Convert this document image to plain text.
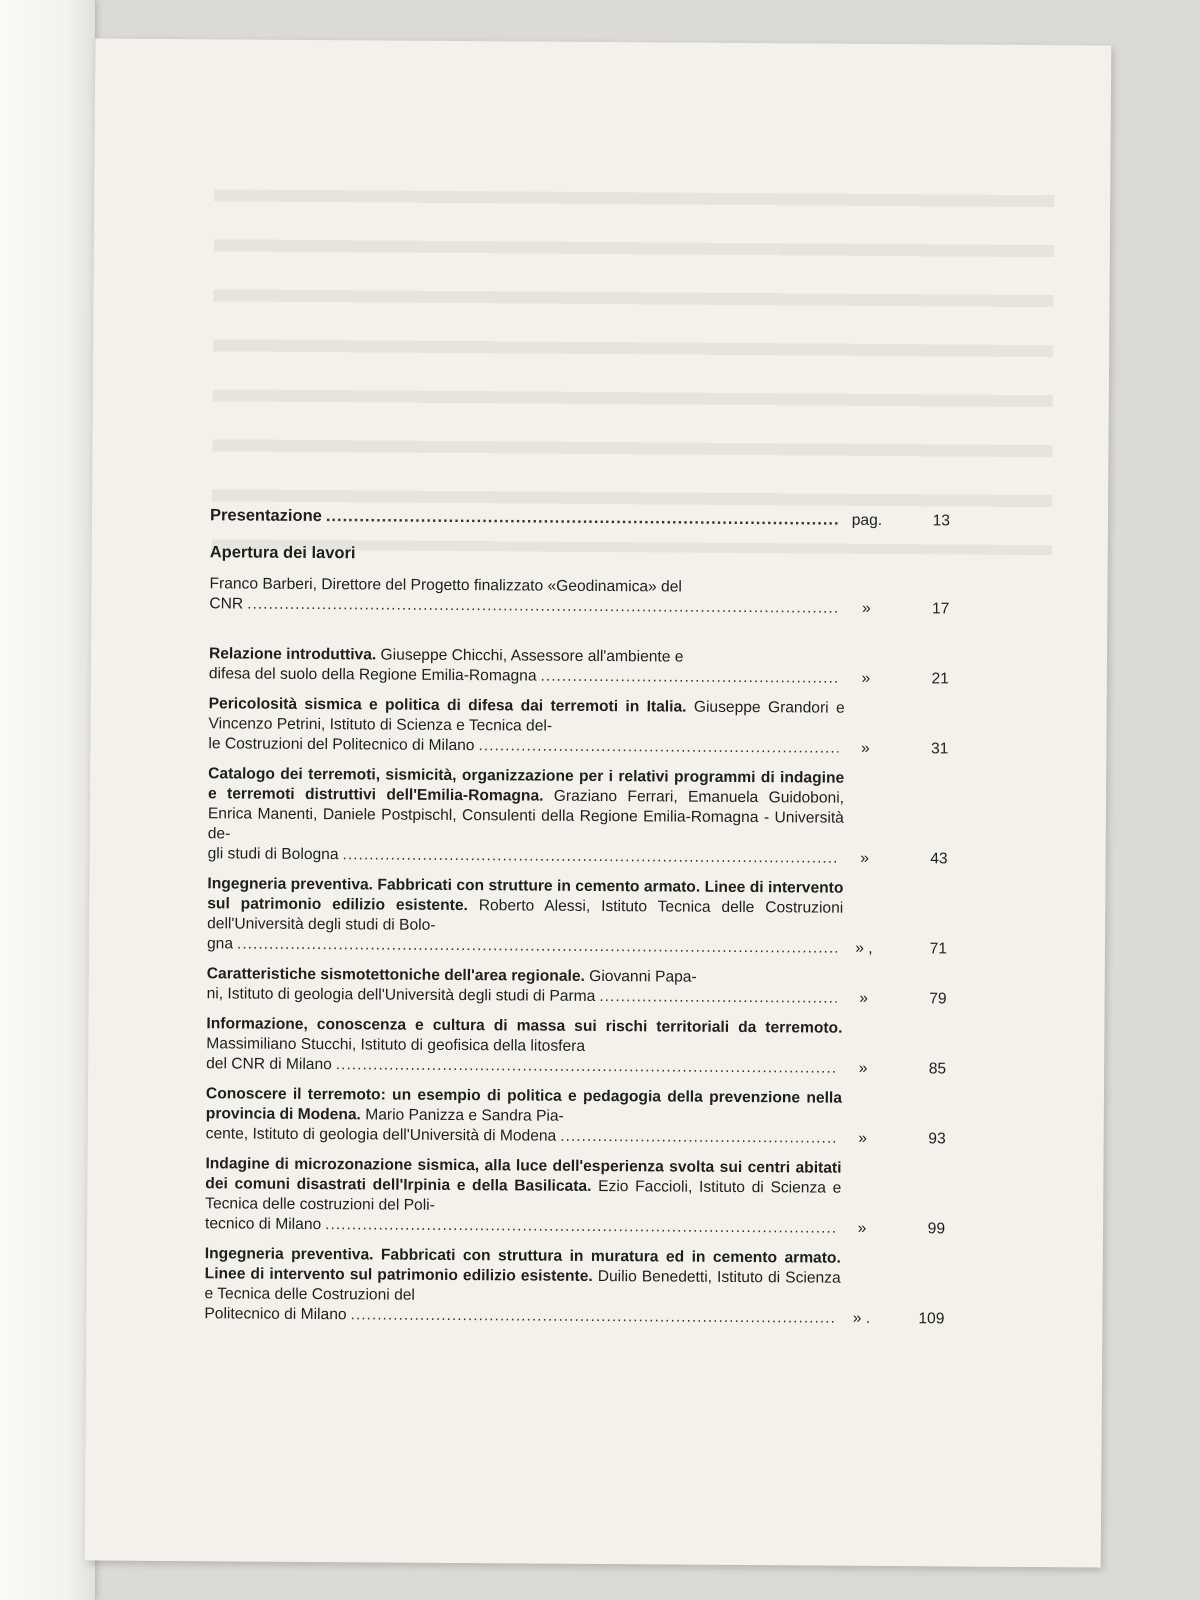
Presentazione .....	pag.	13
Apertura dei lavori
Franco Barberi, Direttore del Progetto finalizzato «Geodinamica» del
CNR .....	»	17
Relazione introduttiva. Giuseppe Chicchi, Assessore all'ambiente e
difesa del suolo della Regione Emilia-Romagna .....	»	21
Pericolosità sismica e politica di difesa dai terremoti in Italia. Giuseppe Grandori e Vincenzo Petrini, Istituto di Scienza e Tecnica del-
le Costruzioni del Politecnico di Milano .....	»	31
Catalogo dei terremoti, sismicità, organizzazione per i relativi programmi di indagine e terremoti distruttivi dell'Emilia-Romagna. Graziano Ferrari, Emanuela Guidoboni, Enrica Manenti, Daniele Postpischl, Consulenti della Regione Emilia-Romagna - Università de-
gli studi di Bologna .....	»	43
Ingegneria preventiva. Fabbricati con strutture in cemento armato. Linee di intervento sul patrimonio edilizio esistente. Roberto Alessi, Istituto Tecnica delle Costruzioni dell'Università degli studi di Bolo-
gna .....	» ,	71
Caratteristiche sismotettoniche dell'area regionale. Giovanni Papa-
ni, Istituto di geologia dell'Università degli studi di Parma .....	»	79
Informazione, conoscenza e cultura di massa sui rischi territoriali da terremoto. Massimiliano Stucchi, Istituto di geofisica della litosfera
del CNR di Milano .....	»	85
Conoscere il terremoto: un esempio di politica e pedagogia della prevenzione nella provincia di Modena. Mario Panizza e Sandra Pia-
cente, Istituto di geologia dell'Università di Modena .....	»	93
Indagine di microzonazione sismica, alla luce dell'esperienza svolta sui centri abitati dei comuni disastrati dell'Irpinia e della Basilicata. Ezio Faccioli, Istituto di Scienza e Tecnica delle costruzioni del Poli-
tecnico di Milano .....	»	99
Ingegneria preventiva. Fabbricati con struttura in muratura ed in cemento armato. Linee di intervento sul patrimonio edilizio esistente. Duilio Benedetti, Istituto di Scienza e Tecnica delle Costruzioni del
Politecnico di Milano .....	» .	109
